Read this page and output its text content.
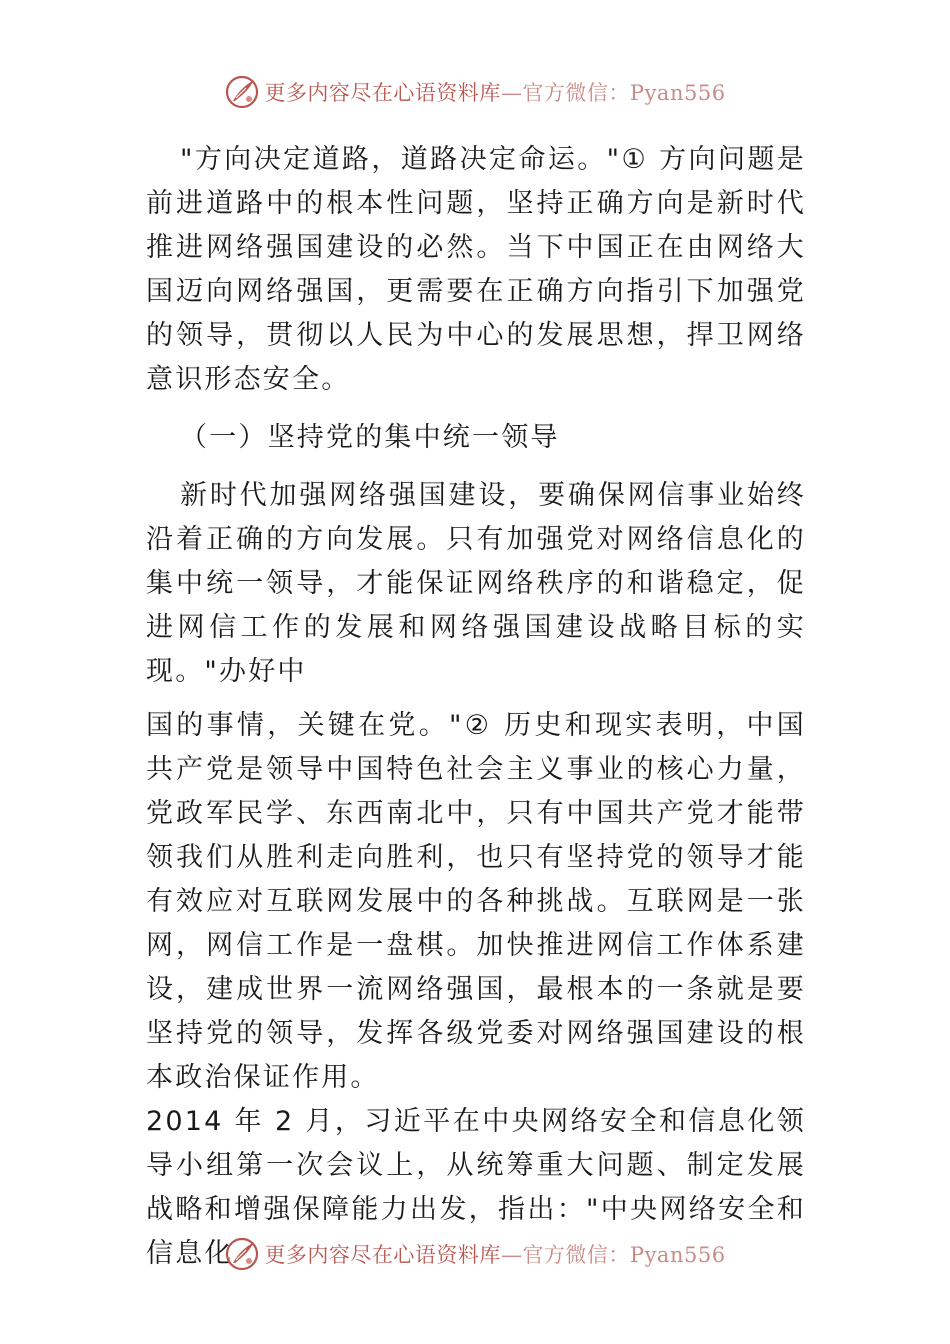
更多内容尽在心语资料库—官方微信：Pyan556

"方向决定道路，道路决定命运。"① 方向问题是前进道路中的根本性问题，坚持正确方向是新时代推进网络强国建设的必然。当下中国正在由网络大国迈向网络强国，更需要在正确方向指引下加强党的领导，贯彻以人民为中心的发展思想，捍卫网络意识形态安全。

（一）坚持党的集中统一领导

新时代加强网络强国建设，要确保网信事业始终沿着正确的方向发展。只有加强党对网络信息化的集中统一领导，才能保证网络秩序的和谐稳定，促进网信工作的发展和网络强国建设战略目标的实现。"办好中

国的事情，关键在党。"② 历史和现实表明，中国共产党是领导中国特色社会主义事业的核心力量，党政军民学、东西南北中，只有中国共产党才能带领我们从胜利走向胜利，也只有坚持党的领导才能有效应对互联网发展中的各种挑战。互联网是一张网，网信工作是一盘棋。加快推进网信工作体系建设，建成世界一流网络强国，最根本的一条就是要坚持党的领导，发挥各级党委对网络强国建设的根本政治保证作用。

2014 年 2 月，习近平在中央网络安全和信息化领导小组第一次会议上，从统筹重大问题、制定发展战略和增强保障能力出发，指出："中央网络安全和信息化	更多内容尽在心语资料库—官方微信：Pyan556
